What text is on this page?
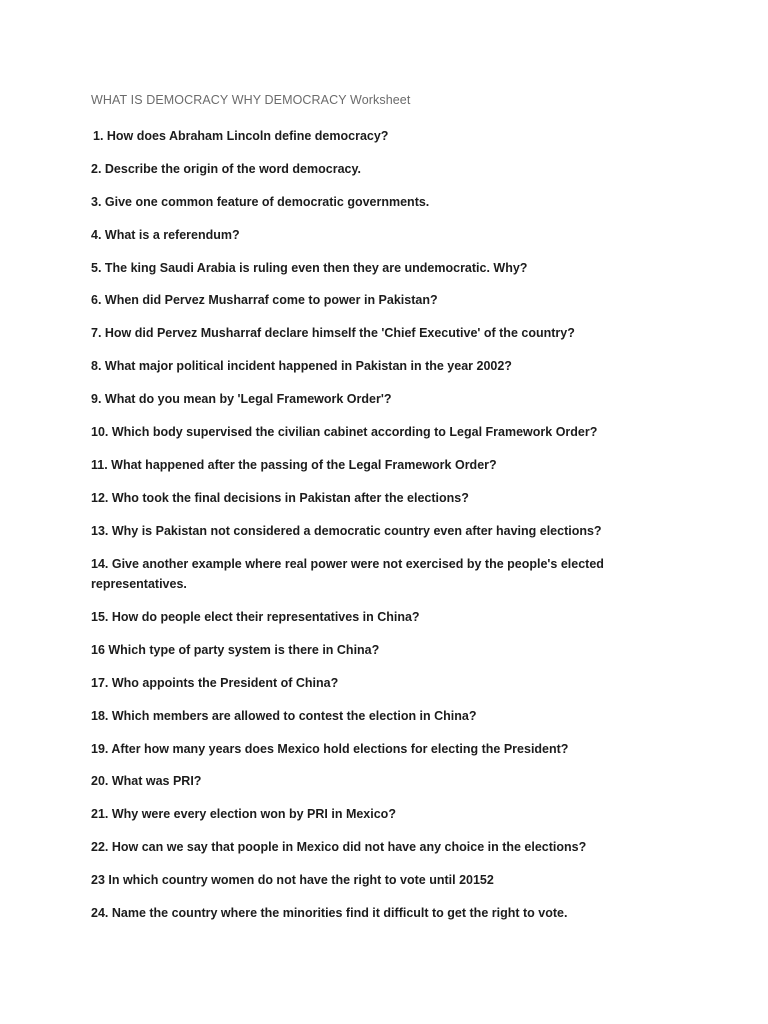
WHAT IS DEMOCRACY WHY DEMOCRACY Worksheet
1. How does Abraham Lincoln define democracy?
2. Describe the origin of the word democracy.
3. Give one common feature of democratic governments.
4. What is a referendum?
5. The king Saudi Arabia is ruling even then they are undemocratic. Why?
6. When did Pervez Musharraf come to power in Pakistan?
7. How did Pervez Musharraf declare himself the 'Chief Executive' of the country?
8. What major political incident happened in Pakistan in the year 2002?
9. What do you mean by 'Legal Framework Order'?
10. Which body supervised the civilian cabinet according to Legal Framework Order?
11. What happened after the passing of the Legal Framework Order?
12. Who took the final decisions in Pakistan after the elections?
13. Why is Pakistan not considered a democratic country even after having elections?
14. Give another example where real power were not exercised by the people's elected representatives.
15. How do people elect their representatives in China?
16 Which type of party system is there in China?
17. Who appoints the President of China?
18. Which members are allowed to contest the election in China?
19. After how many years does Mexico hold elections for electing the President?
20. What was PRI?
21. Why were every election won by PRI in Mexico?
22. How can we say that poople in Mexico did not have any choice in the elections?
23 In which country women do not have the right to vote until 20152
24. Name the country where the minorities find it difficult to get the right to vote.
